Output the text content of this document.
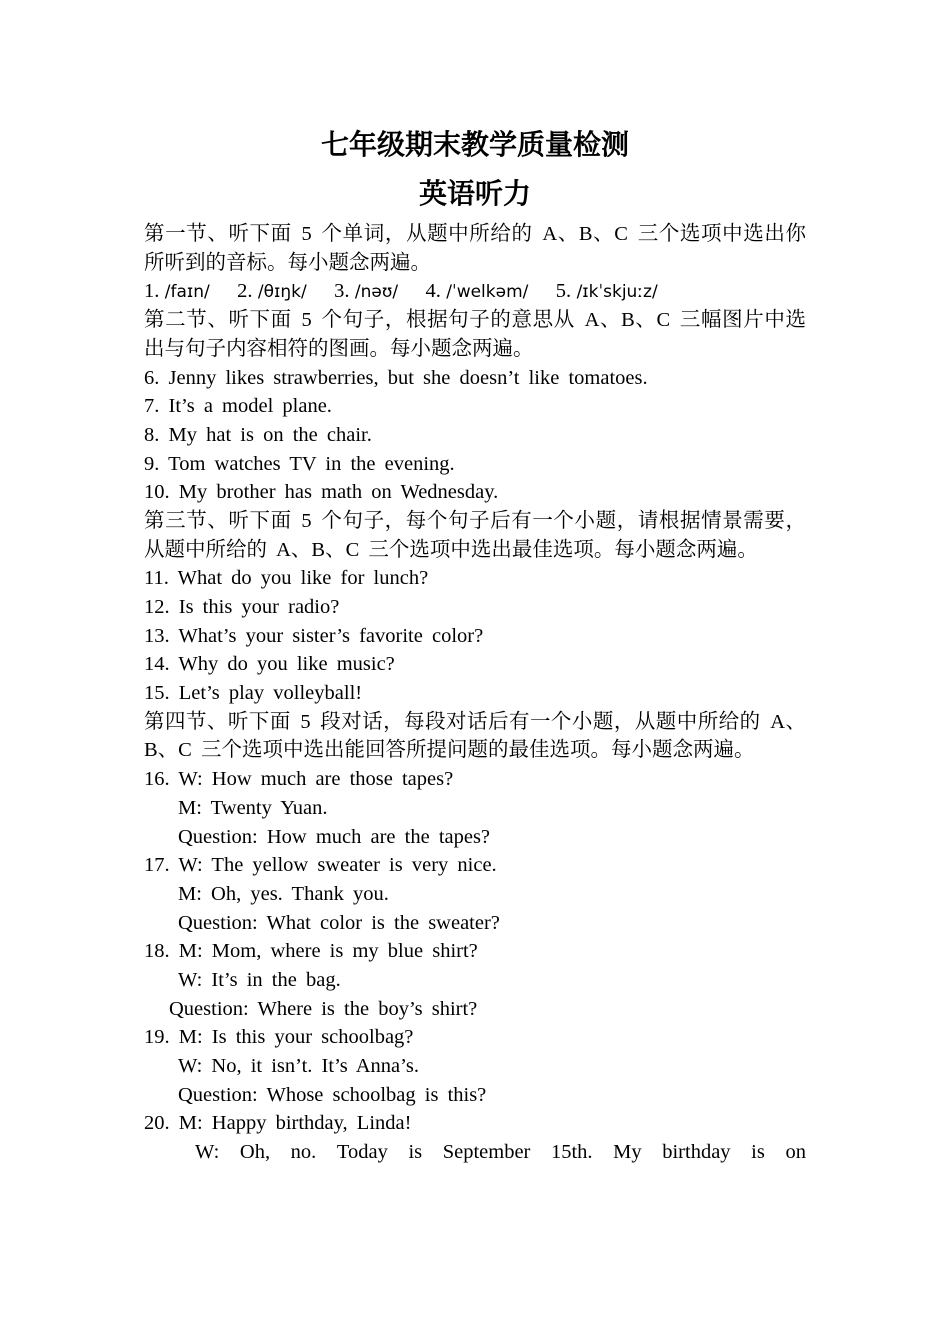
七年级期末教学质量检测
英语听力
第一节、听下面 5 个单词，从题中所给的 A、B、C 三个选项中选出你所听到的音标。每小题念两遍。
1. /faɪn/ 2. /θɪŋk/ 3. /nəʊ/ 4. /ˈwelkəm/ 5. /ɪkˈskjuːz/
第二节、听下面 5 个句子，根据句子的意思从 A、B、C 三幅图片中选出与句子内容相符的图画。每小题念两遍。
6. Jenny likes strawberries, but she doesn’t like tomatoes.
7. It’s a model plane.
8. My hat is on the chair.
9. Tom watches TV in the evening.
10. My brother has math on Wednesday.
第三节、听下面 5 个句子，每个句子后有一个小题，请根据情景需要，从题中所给的 A、B、C 三个选项中选出最佳选项。每小题念两遍。
11. What do you like for lunch?
12. Is this your radio?
13. What’s your sister’s favorite color?
14. Why do you like music?
15. Let’s play volleyball!
第四节、听下面 5 段对话，每段对话后有一个小题，从题中所给的 A、B、C 三个选项中选出能回答所提问题的最佳选项。每小题念两遍。
16. W: How much are those tapes?
M: Twenty Yuan.
Question: How much are the tapes?
17. W: The yellow sweater is very nice.
M: Oh, yes. Thank you.
Question: What color is the sweater?
18. M: Mom, where is my blue shirt?
W: It’s in the bag.
Question: Where is the boy’s shirt?
19. M: Is this your schoolbag?
W: No, it isn’t. It’s Anna’s.
Question: Whose schoolbag is this?
20. M: Happy birthday, Linda!
W: Oh, no. Today is September 15th. My birthday is on
